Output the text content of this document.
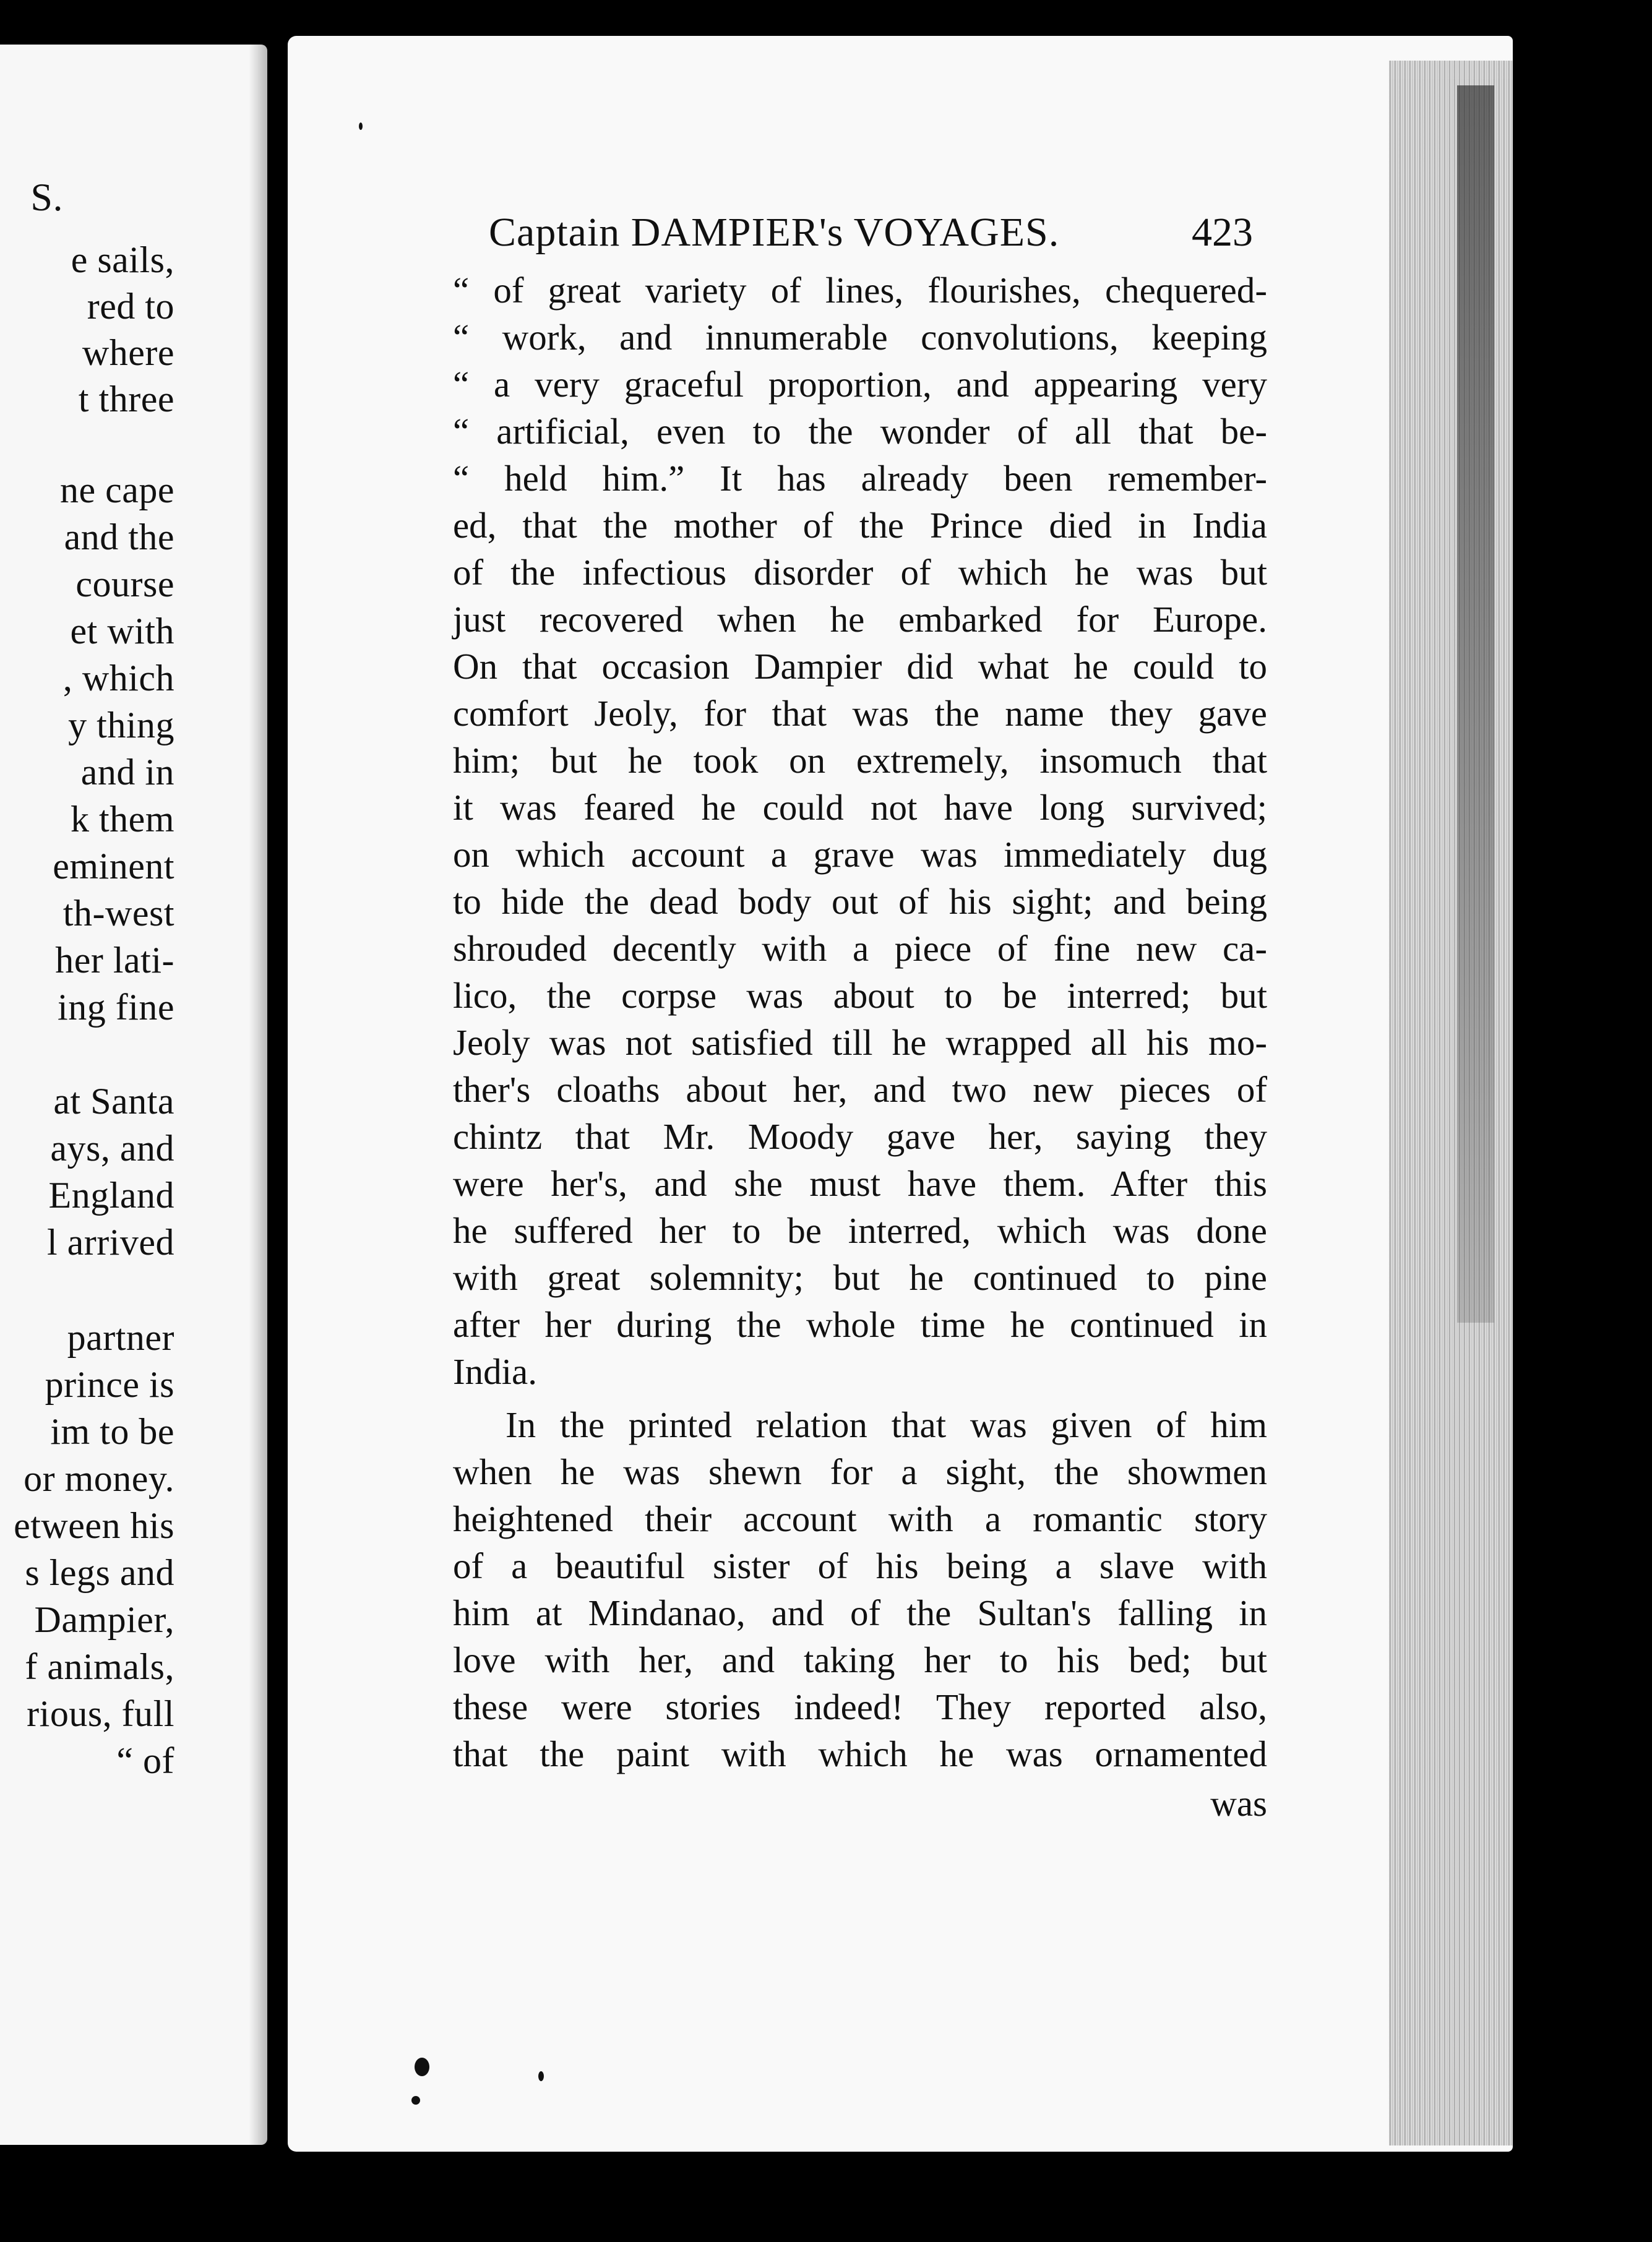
S.
e sails,
red to
where
t three
ne cape
and the
course
et with
, which
y thing
and in
k them
eminent
th-west
her lati-
ing fine
at Santa
ays, and
England
l arrived
partner
prince is
im to be
or money.
etween his
s legs and
Dampier,
f animals,
rious, full
“ of
Captain DAMPIER's VOYAGES.	423
“ of great variety of lines, flourishes, chequered-
“ work, and innumerable convolutions, keeping
“ a very graceful proportion, and appearing very
“ artificial, even to the wonder of all that be-
“ held him.” It has already been remember-
ed, that the mother of the Prince died in India
of the infectious disorder of which he was but
just recovered when he embarked for Europe.
On that occasion Dampier did what he could to
comfort Jeoly, for that was the name they gave
him; but he took on extremely, insomuch that
it was feared he could not have long survived;
on which account a grave was immediately dug
to hide the dead body out of his sight; and being
shrouded decently with a piece of fine new ca-
lico, the corpse was about to be interred; but
Jeoly was not satisfied till he wrapped all his mo-
ther's cloaths about her, and two new pieces of
chintz that Mr. Moody gave her, saying they
were her's, and she must have them. After this
he suffered her to be interred, which was done
with great solemnity; but he continued to pine
after her during the whole time he continued in
India.
In the printed relation that was given of him
when he was shewn for a sight, the showmen
heightened their account with a romantic story
of a beautiful sister of his being a slave with
him at Mindanao, and of the Sultan's falling in
love with her, and taking her to his bed; but
these were stories indeed! They reported also,
that the paint with which he was ornamented
was
